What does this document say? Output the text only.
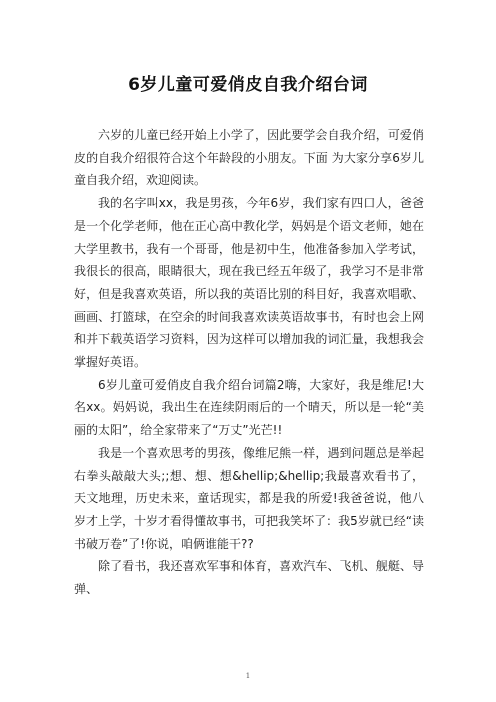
6岁儿童可爱俏皮自我介绍台词

六岁的儿童已经开始上小学了，因此要学会自我介绍，可爱俏皮的自我介绍很符合这个年龄段的小朋友。下面 为大家分享6岁儿童自我介绍，欢迎阅读。

我的名字叫xx，我是男孩，今年6岁，我们家有四口人，爸爸是一个化学老师，他在正心高中教化学，妈妈是个语文老师，她在大学里教书，我有一个哥哥，他是初中生，他准备参加入学考试，我很长的很高，眼睛很大，现在我已经五年级了，我学习不是非常好，但是我喜欢英语，所以我的英语比别的科目好，我喜欢唱歌、画画、打篮球，在空余的时间我喜欢读英语故事书，有时也会上网和并下载英语学习资料，因为这样可以增加我的词汇量，我想我会掌握好英语。

6岁儿童可爱俏皮自我介绍台词篇2嗨，大家好，我是维尼!大名xx。妈妈说，我出生在连续阴雨后的一个晴天，所以是一轮“美丽的太阳”，给全家带来了“万丈”光芒!!

我是一个喜欢思考的男孩，像维尼熊一样，遇到问题总是举起右拳头敲敲大头;;想、想、想&hellip;&hellip;我最喜欢看书了，天文地理，历史未来，童话现实，都是我的所爱!我爸爸说，他八岁才上学，十岁才看得懂故事书，可把我笑坏了：我5岁就已经“读书破万卷”了!你说，咱俩谁能干??

除了看书，我还喜欢军事和体育，喜欢汽车、飞机、舰艇、导弹、

1
